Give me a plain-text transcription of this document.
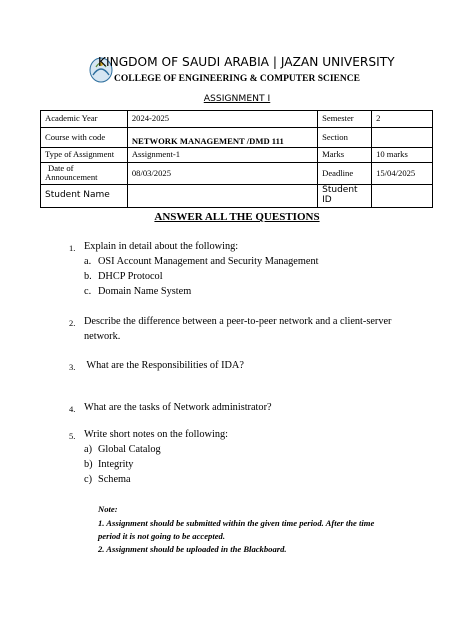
KINGDOM OF SAUDI ARABIA | JAZAN UNIVERSITY
COLLEGE OF ENGINEERING & COMPUTER SCIENCE
ASSIGNMENT I
Academic Year	2024-2025	Semester	2
Course with code	NETWORK MANAGEMENT /DMD 111	Section	
Type of Assignment	Assignment-1	Marks	10 marks

Date of
Announcement	08/03/2025	Deadline	15/04/2025
Student Name		Student
ID	

ANSWER ALL THE QUESTIONS
1. Explain in detail about the following:
a. OSI Account Management and Security Management
b. DHCP Protocol
c. Domain Name System
2. Describe the difference between a peer-to-peer network and a client-server
network.
3. What are the Responsibilities of IDA?
4. What are the tasks of Network administrator?
5. Write short notes on the following:
a) Global Catalog
b) Integrity
c) Schema
Note:
1. Assignment should be submitted within the given time period. After the time
period it is not going to be accepted.
2. Assignment should be uploaded in the Blackboard.
